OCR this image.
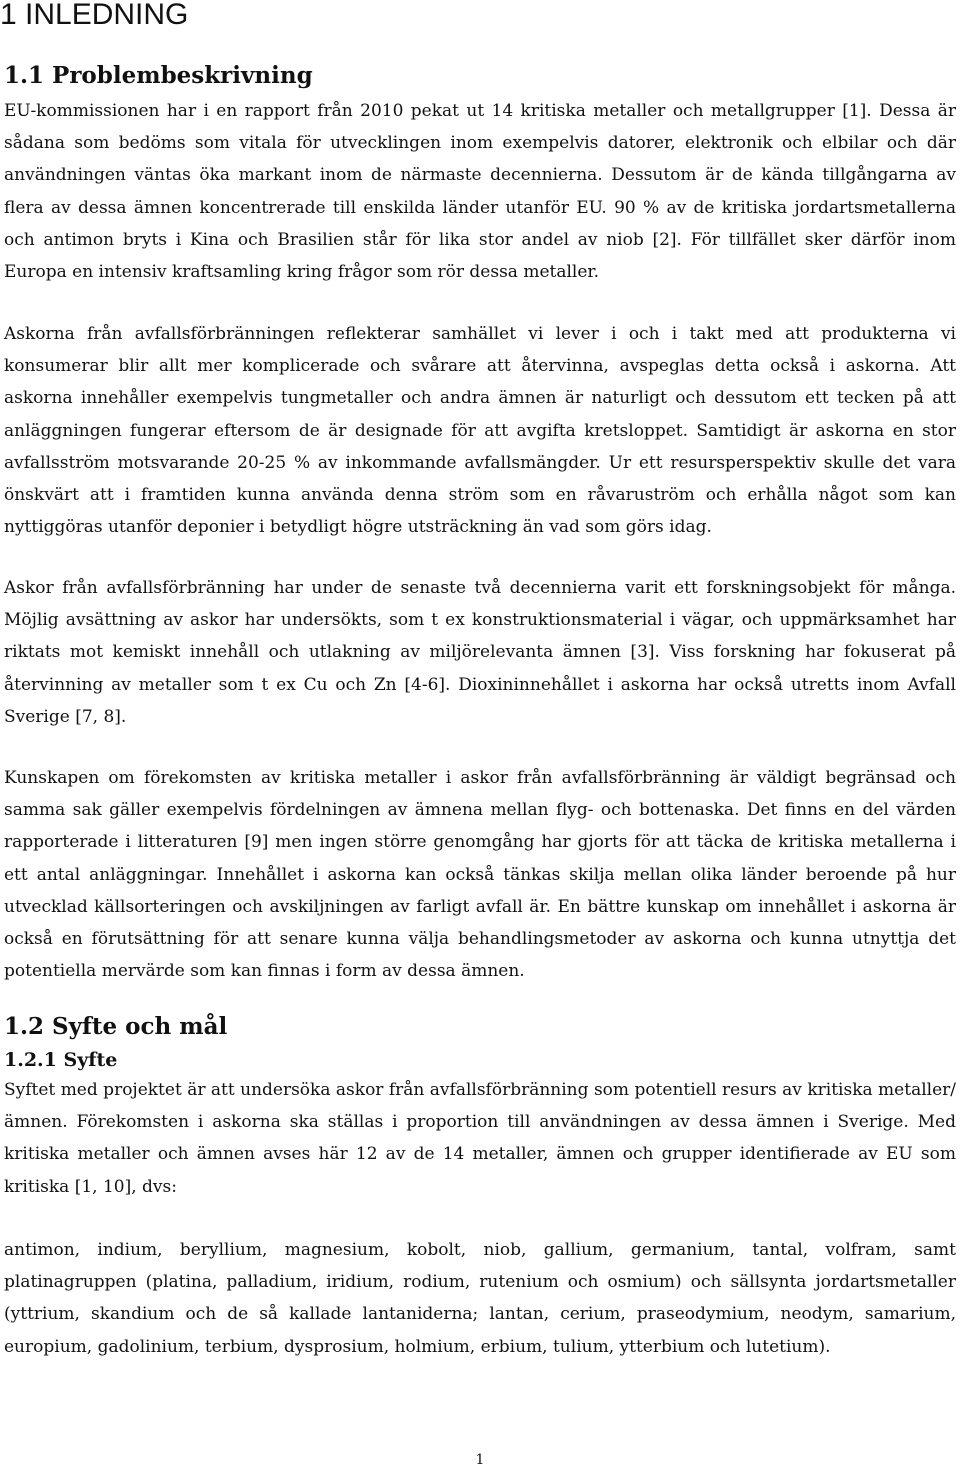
1 INLEDNING
1.1 Problembeskrivning

EU-kommissionen har i en rapport från 2010 pekat ut 14 kritiska metaller och metallgrupper [1]. Dessa är sådana som bedöms som vitala för utvecklingen inom exempelvis datorer, elektronik och elbilar och där användningen väntas öka markant inom de närmaste decennierna. Dessutom är de kända tillgångarna av flera av dessa ämnen koncentrerade till enskilda länder utanför EU. 90 % av de kritiska jordartsmetallerna och antimon bryts i Kina och Brasilien står för lika stor andel av niob [2]. För tillfället sker därför inom Europa en intensiv kraftsamling kring frågor som rör dessa metaller.

Askorna från avfallsförbränningen reflekterar samhället vi lever i och i takt med att produkterna vi konsumerar blir allt mer komplicerade och svårare att återvinna, avspeglas detta också i askorna. Att askorna innehåller exempelvis tungmetaller och andra ämnen är naturligt och dessutom ett tecken på att anläggningen fungerar eftersom de är designade för att avgifta kretsloppet. Samtidigt är askorna en stor avfallsström motsvarande 20-25 % av inkommande avfallsmängder. Ur ett resursperspektiv skulle det vara önskvärt att i framtiden kunna använda denna ström som en råvaruström och erhålla något som kan nyttiggöras utanför deponier i betydligt högre utsträckning än vad som görs idag.

Askor från avfallsförbränning har under de senaste två decennierna varit ett forskningsobjekt för många. Möjlig avsättning av askor har undersökts, som t ex konstruktionsmaterial i vägar, och uppmärksamhet har riktats mot kemiskt innehåll och utlakning av miljörelevanta ämnen [3]. Viss forskning har fokuserat på återvinning av metaller som t ex Cu och Zn [4-6]. Dioxininnehållet i askorna har också utretts inom Avfall Sverige [7, 8].

Kunskapen om förekomsten av kritiska metaller i askor från avfallsförbränning är väldigt begränsad och samma sak gäller exempelvis fördelningen av ämnena mellan flyg- och bottenaska. Det finns en del värden rapporterade i litteraturen [9] men ingen större genomgång har gjorts för att täcka de kritiska metallerna i ett antal anläggningar. Innehållet i askorna kan också tänkas skilja mellan olika länder beroende på hur utvecklad källsorteringen och avskiljningen av farligt avfall är. En bättre kunskap om innehållet i askorna är också en förutsättning för att senare kunna välja behandlingsmetoder av askorna och kunna utnyttja det potentiella mervärde som kan finnas i form av dessa ämnen.

1.2 Syfte och mål
1.2.1 Syfte

Syftet med projektet är att undersöka askor från avfallsförbränning som potentiell resurs av kritiska metaller/ämnen. Förekomsten i askorna ska ställas i proportion till användningen av dessa ämnen i Sverige. Med kritiska metaller och ämnen avses här 12 av de 14 metaller, ämnen och grupper identifierade av EU som kritiska [1, 10], dvs:

antimon, indium, beryllium, magnesium, kobolt, niob, gallium, germanium, tantal, volfram, samt platinagruppen (platina, palladium, iridium, rodium, rutenium och osmium) och sällsynta jordartsmetaller (yttrium, skandium och de så kallade lantaniderna; lantan, cerium, praseodymium, neodym, samarium, europium, gadolinium, terbium, dysprosium, holmium, erbium, tulium, ytterbium och lutetium).

1
